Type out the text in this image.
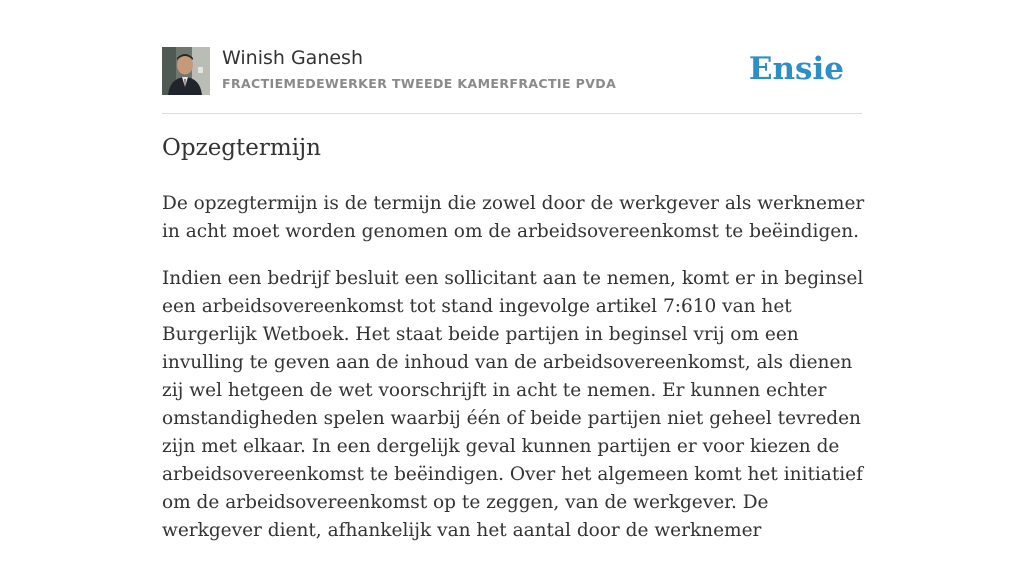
Winish Ganesh
FRACTIEMEDEWERKER TWEEDE KAMERFRACTIE PVDA	Ensie
Opzegtermijn

De opzegtermijn is de termijn die zowel door de werkgever als werknemer in acht moet worden genomen om de arbeidsovereenkomst te beëindigen.

Indien een bedrijf besluit een sollicitant aan te nemen, komt er in beginsel een arbeidsovereenkomst tot stand ingevolge artikel 7:610 van het Burgerlijk Wetboek. Het staat beide partijen in beginsel vrij om een invulling te geven aan de inhoud van de arbeidsovereenkomst, als dienen zij wel hetgeen de wet voorschrijft in acht te nemen. Er kunnen echter omstandigheden spelen waarbij één of beide partijen niet geheel tevreden zijn met elkaar. In een dergelijk geval kunnen partijen er voor kiezen de arbeidsovereenkomst te beëindigen. Over het algemeen komt het initiatief om de arbeidsovereenkomst op te zeggen, van de werkgever. De werkgever dient, afhankelijk van het aantal door de werknemer
